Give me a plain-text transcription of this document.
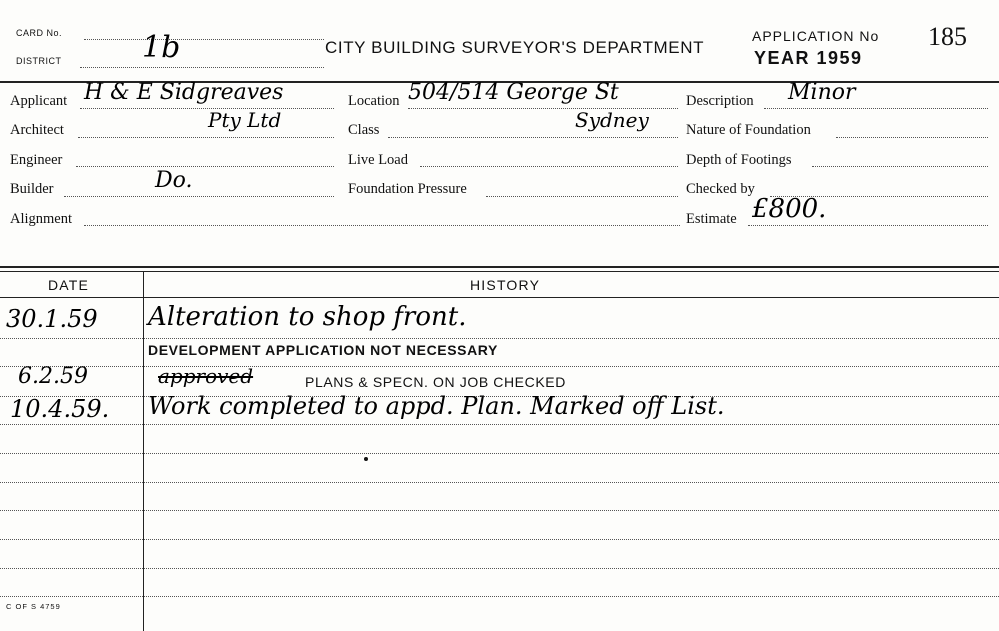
CARD No.
DISTRICT	1b	CITY BUILDING SURVEYOR'S DEPARTMENT
APPLICATION No
YEAR 1959
185
Applicant H & E Sidgreaves
Architect	Pty Ltd
Engineer
Builder	Do.
Alignment
Location 504/514 George St
Class	Sydney
Live Load
Foundation Pressure
Description Minor
Nature of Foundation
Depth of Footings
Checked by
Estimate £800.
DATE	HISTORY
30.1.59 Alteration to shop front.
DEVELOPMENT APPLICATION NOT NECESSARY
6.2.59	approved	PLANS & SPECN. ON JOB CHECKED
10.4.59. Work completed to appd. Plan. Marked off List.
C OF S 4759
